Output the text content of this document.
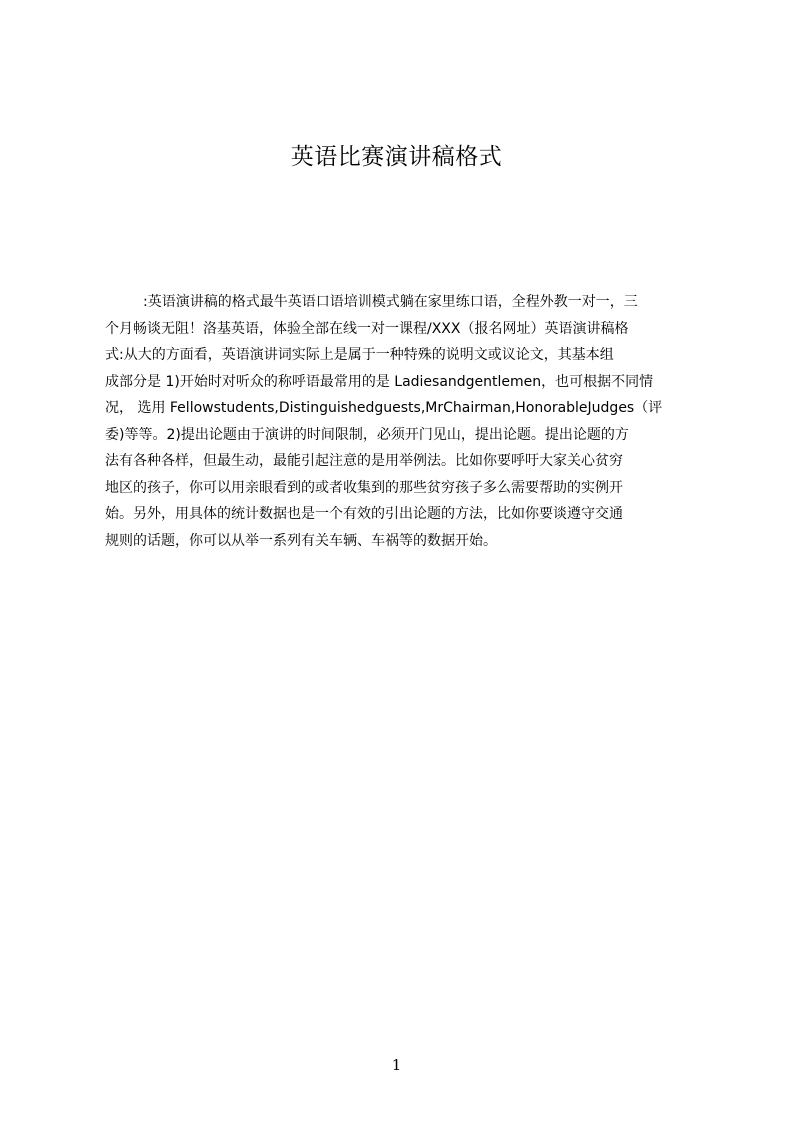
英语比赛演讲稿格式
:英语演讲稿的格式最牛英语口语培训模式躺在家里练口语，全程外教一对一，三
个月畅谈无阻！洛基英语，体验全部在线一对一课程/XXX（报名网址）英语演讲稿格
式:从大的方面看，英语演讲词实际上是属于一种特殊的说明文或议论文，其基本组
成部分是 1)开始时对听众的称呼语最常用的是 Ladiesandgentlemen，也可根据不同情
况， 选用 Fellowstudents,Distinguishedguests,MrChairman,HonorableJudges（评
委)等等。2)提出论题由于演讲的时间限制，必须开门见山，提出论题。提出论题的方
法有各种各样，但最生动，最能引起注意的是用举例法。比如你要呼吁大家关心贫穷
地区的孩子，你可以用亲眼看到的或者收集到的那些贫穷孩子多么需要帮助的实例开
始。另外，用具体的统计数据也是一个有效的引出论题的方法，比如你要谈遵守交通
规则的话题，你可以从举一系列有关车辆、车祸等的数据开始。
1
